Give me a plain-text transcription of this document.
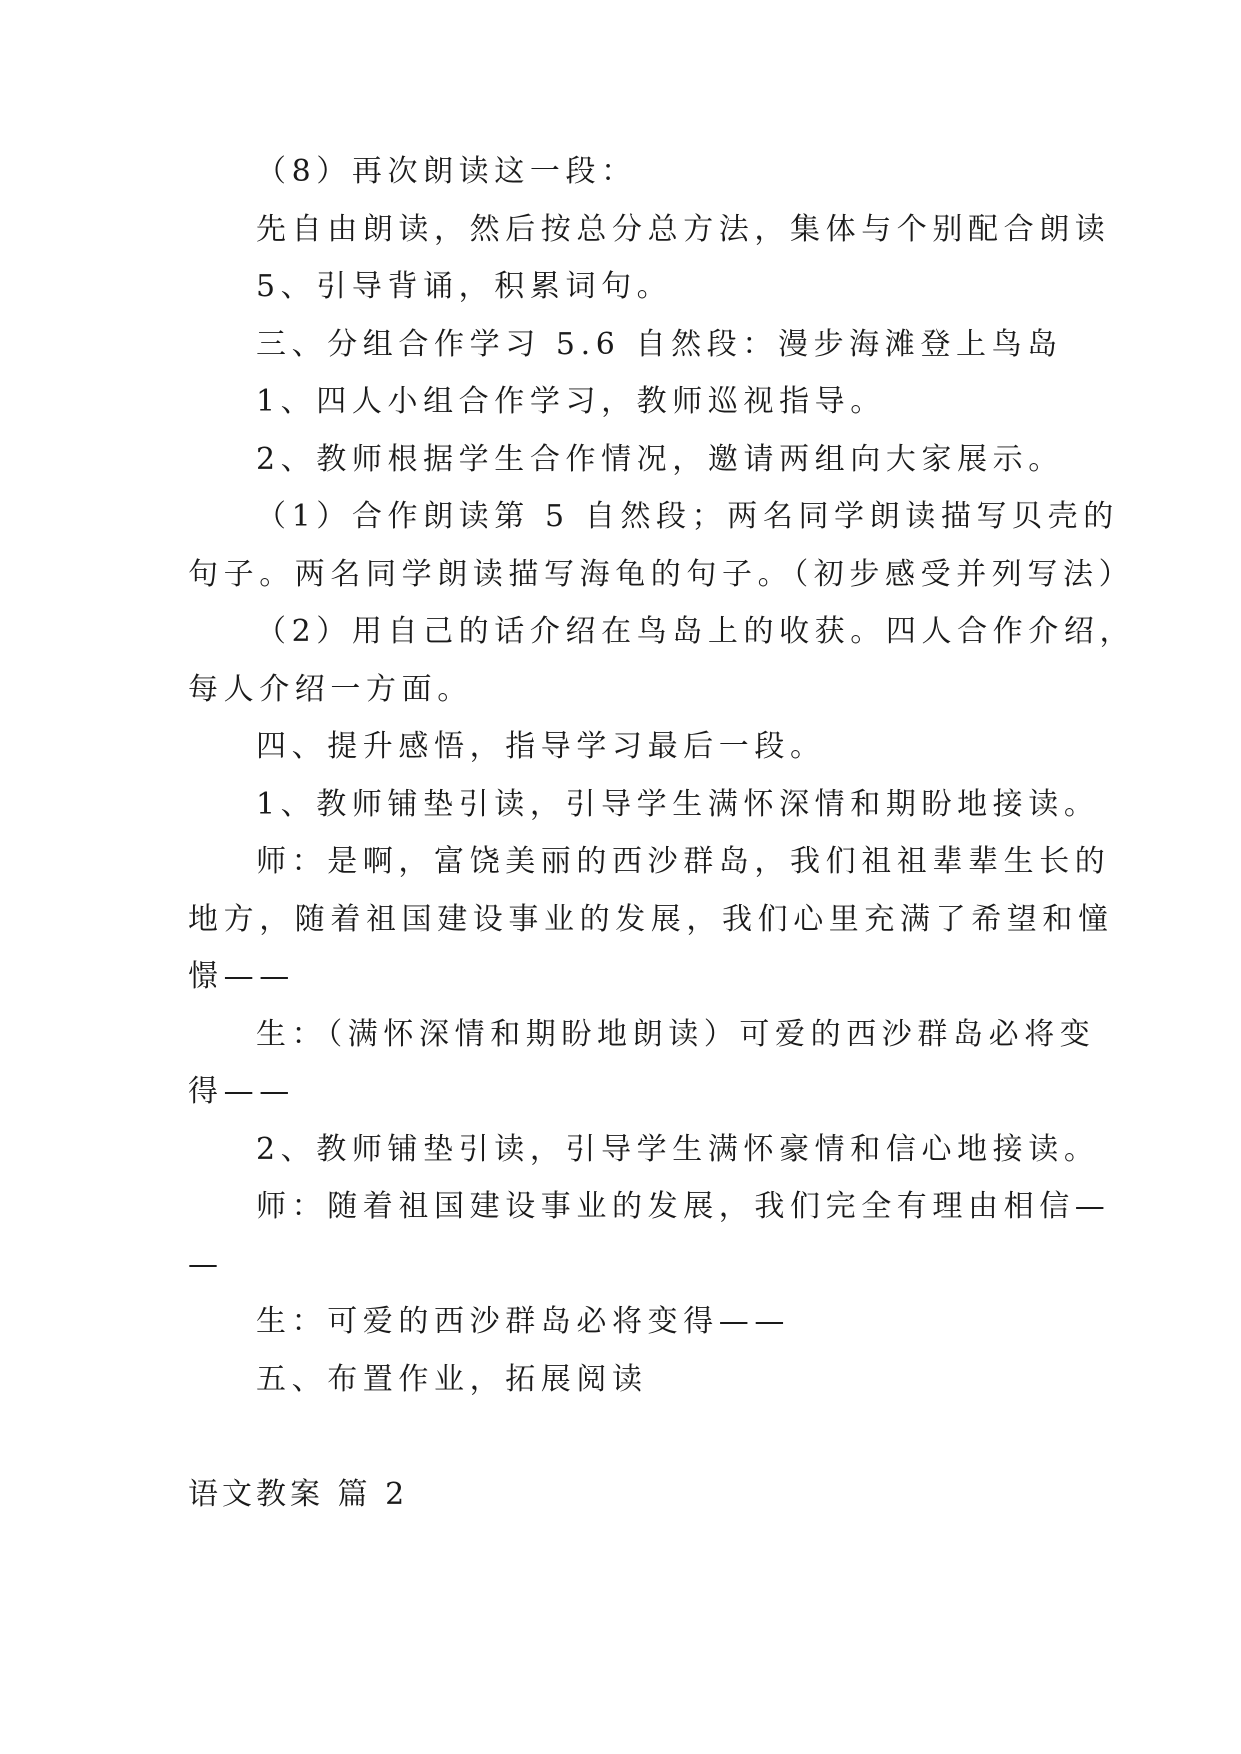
（8）再次朗读这一段：
先自由朗读，然后按总分总方法，集体与个别配合朗读
5、引导背诵，积累词句。
三、分组合作学习 5.6 自然段：漫步海滩登上鸟岛
1、四人小组合作学习，教师巡视指导。
2、教师根据学生合作情况，邀请两组向大家展示。
（1）合作朗读第 5 自然段；两名同学朗读描写贝壳的
句子。两名同学朗读描写海龟的句子。（初步感受并列写法）
（2）用自己的话介绍在鸟岛上的收获。四人合作介绍，
每人介绍一方面。
四、提升感悟，指导学习最后一段。
1、教师铺垫引读，引导学生满怀深情和期盼地接读。
师：是啊，富饶美丽的西沙群岛，我们祖祖辈辈生长的
地方，随着祖国建设事业的发展，我们心里充满了希望和憧
憬——
生：（满怀深情和期盼地朗读）可爱的西沙群岛必将变
得——
2、教师铺垫引读，引导学生满怀豪情和信心地接读。
师：随着祖国建设事业的发展，我们完全有理由相信—
—
生：可爱的西沙群岛必将变得——
五、布置作业，拓展阅读
语文教案 篇 2
